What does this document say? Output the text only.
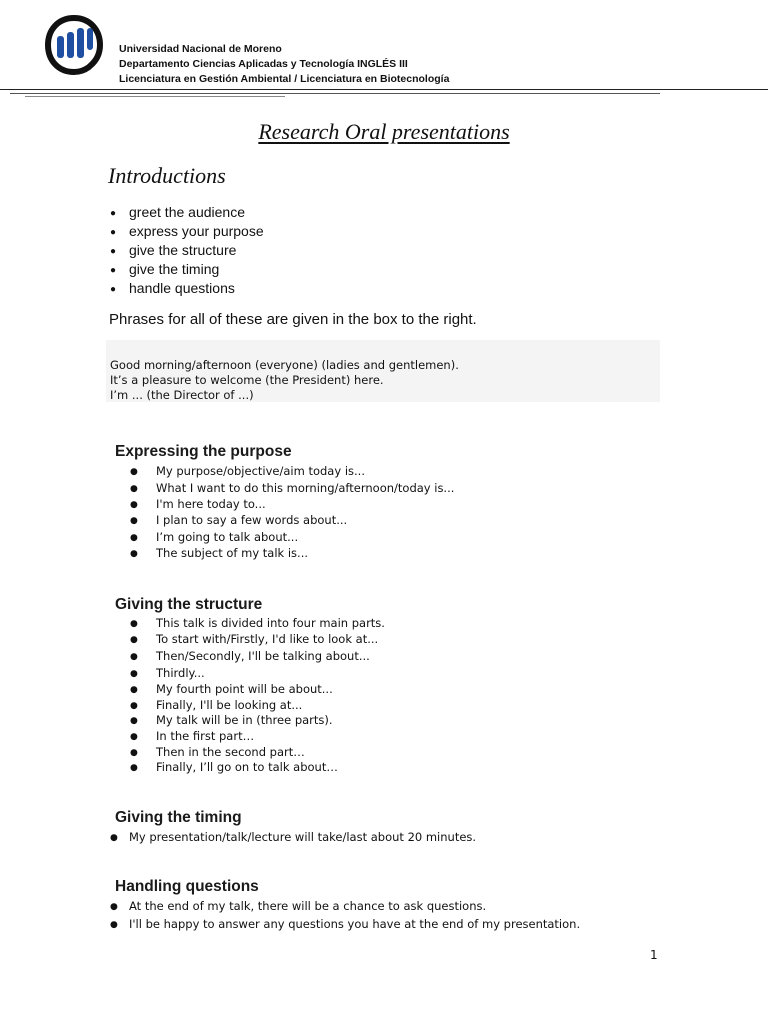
Universidad Nacional de Moreno
Departamento Ciencias Aplicadas y Tecnología INGLÉS III
Licenciatura en Gestión Ambiental / Licenciatura en Biotecnología
Research Oral presentations
Introductions
● greet the audience
● express your purpose
● give the structure
● give the timing
● handle questions
Phrases for all of these are given in the box to the right.
Good morning/afternoon (everyone) (ladies and gentlemen).
It’s a pleasure to welcome (the President) here.
I’m ... (the Director of ...)
Expressing the purpose
● My purpose/objective/aim today is...
● What I want to do this morning/afternoon/today is...
● I'm here today to...
● I plan to say a few words about...
● I’m going to talk about...
● The subject of my talk is...
Giving the structure
● This talk is divided into four main parts.
● To start with/Firstly, I'd like to look at...
● Then/Secondly, I'll be talking about...
● Thirdly...
● My fourth point will be about...
● Finally, I'll be looking at...
● My talk will be in (three parts).
● In the first part…
● Then in the second part…
● Finally, I’ll go on to talk about…
Giving the timing
● My presentation/talk/lecture will take/last about 20 minutes.
Handling questions
● At the end of my talk, there will be a chance to ask questions.
● I'll be happy to answer any questions you have at the end of my presentation.
1
